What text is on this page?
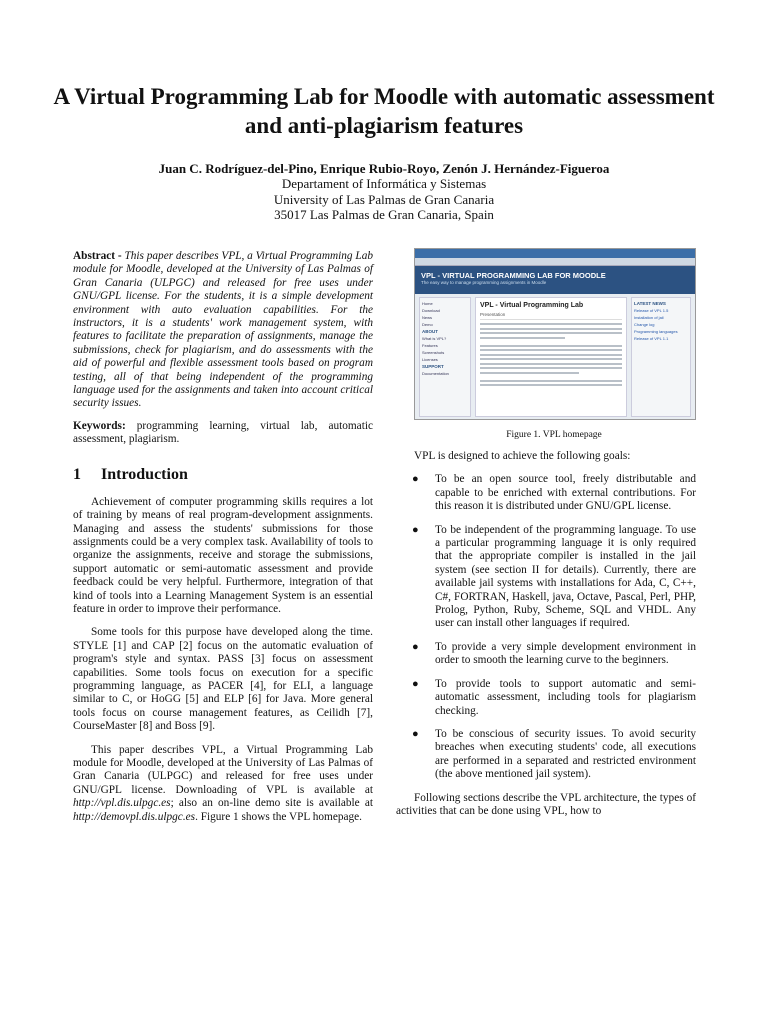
A Virtual Programming Lab for Moodle with automatic assessment and anti-plagiarism features
Juan C. Rodríguez-del-Pino, Enrique Rubio-Royo, Zenón J. Hernández-Figueroa
Departament of Informática y Sistemas
University of Las Palmas de Gran Canaria
35017 Las Palmas de Gran Canaria, Spain

Abstract - This paper describes VPL, a Virtual Programming Lab module for Moodle, developed at the University of Las Palmas of Gran Canaria (ULPGC) and released for free uses under GNU/GPL license. For the students, it is a simple development environment with auto evaluation capabilities. For the instructors, it is a students' work management system, with features to facilitate the preparation of assignments, manage the submissions, check for plagiarism, and do assessments with the aid of powerful and flexible assessment tools based on program testing, all of that being independent of the programming language used for the assignments and taken into account critical security issues.

Keywords: programming learning, virtual lab, automatic assessment, plagiarism.

1 Introduction

Achievement of computer programming skills requires a lot of training by means of real program-development assignments. Managing and assess the students' submissions for those assignments could be a very complex task. Availability of tools to organize the assignments, receive and storage the submissions, support automatic or semi-automatic assessment and provide feedback could be very helpful. Furthermore, integration of that kind of tools into a Learning Management System is an essential feature in order to improve their performance.

Some tools for this purpose have developed along the time. STYLE [1] and CAP [2] focus on the automatic evaluation of program's style and syntax. PASS [3] focus on assessment capabilities. Some tools focus on execution for a specific programming language, as PACER [4], for ELI, a language similar to C, or HoGG [5] and ELP [6] for Java. More general tools focus on course management features, as Ceilidh [7], CourseMaster [8] and Boss [9].

This paper describes VPL, a Virtual Programming Lab module for Moodle, developed at the University of Las Palmas of Gran Canaria (ULPGC) and released for free uses under GNU/GPL license. Downloading of VPL is available at http://vpl.dis.ulpgc.es; also an on-line demo site is available at http://demovpl.dis.ulpgc.es. Figure 1 shows the VPL homepage.

VPL - VIRTUAL PROGRAMMING LAB FOR MOODLE
The easy way to manage programming assignments in Moodle
Home
Download
News
Demo
ABOUT
What is VPL?
Features
Screenshots
Licenses
SUPPORT
Documentation
VPL - Virtual Programming Lab
Presentation
LATEST NEWS
Release of VPL 1.5
Installation of jail
Change log
Programming languages
Release of VPL 1.1
Figure 1. VPL homepage

VPL is designed to achieve the following goals:

● To be an open source tool, freely distributable and capable to be enriched with external contributions. For this reason it is distributed under GNU/GPL license.
● To be independent of the programming language. To use a particular programming language it is only required that the appropriate compiler is installed in the jail system (see section II for details). Currently, there are available jail systems with installations for Ada, C, C++, C#, FORTRAN, Haskell, java, Octave, Pascal, Perl, PHP, Prolog, Python, Ruby, Scheme, SQL and VHDL. Any user can install other languages if required.
● To provide a very simple development environment in order to smooth the learning curve to the beginners.
● To provide tools to support automatic and semi-automatic assessment, including tools for plagiarism checking.
● To be conscious of security issues. To avoid security breaches when executing students' code, all executions are performed in a separated and restricted environment (the above mentioned jail system).

Following sections describe the VPL architecture, the types of activities that can be done using VPL, how to
